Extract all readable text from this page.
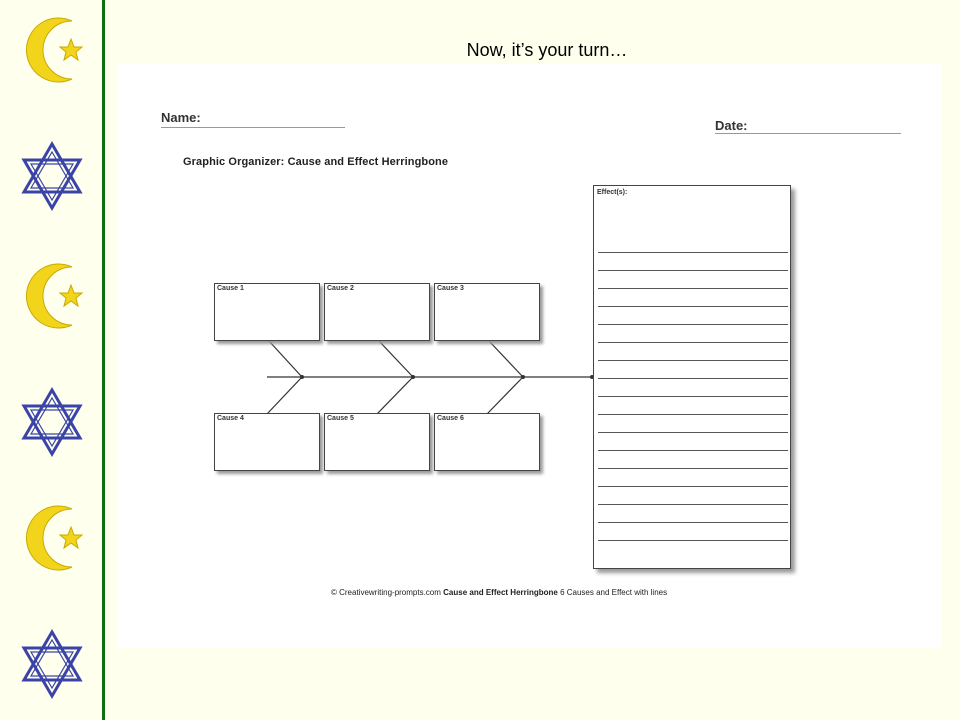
Now, it’s your turn…
Name:
Date:
Graphic Organizer: Cause and Effect Herringbone
Cause 1	Cause 2	Cause 3
Cause 4	Cause 5	Cause 6
Effect(s):
© Creativewriting-prompts.com Cause and Effect Herringbone 6 Causes and Effect with lines
